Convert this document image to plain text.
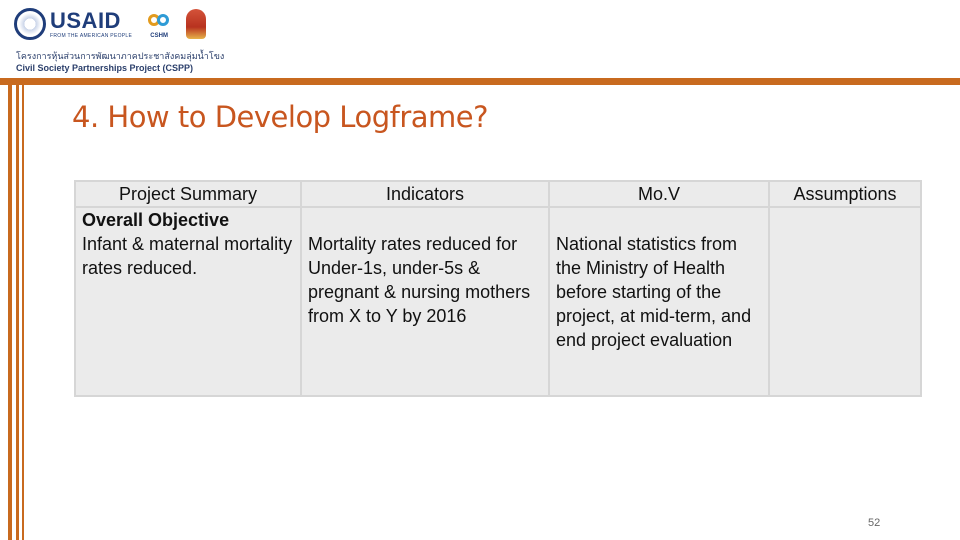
USAID
FROM THE AMERICAN PEOPLE	CSHM
โครงการหุ้นส่วนการพัฒนาภาคประชาสังคมลุ่มน้ำโขง
Civil Society Partnerships Project (CSPP)
4. How to Develop Logframe?
Project Summary	Indicators	Mo.V	Assumptions

Overall Objective
Infant & maternal mortality rates reduced.	Mortality rates reduced for Under-1s, under-5s & pregnant & nursing mothers from X to Y by 2016	National statistics from the Ministry of Health before starting of the project, at mid-term, and end project evaluation	
52
